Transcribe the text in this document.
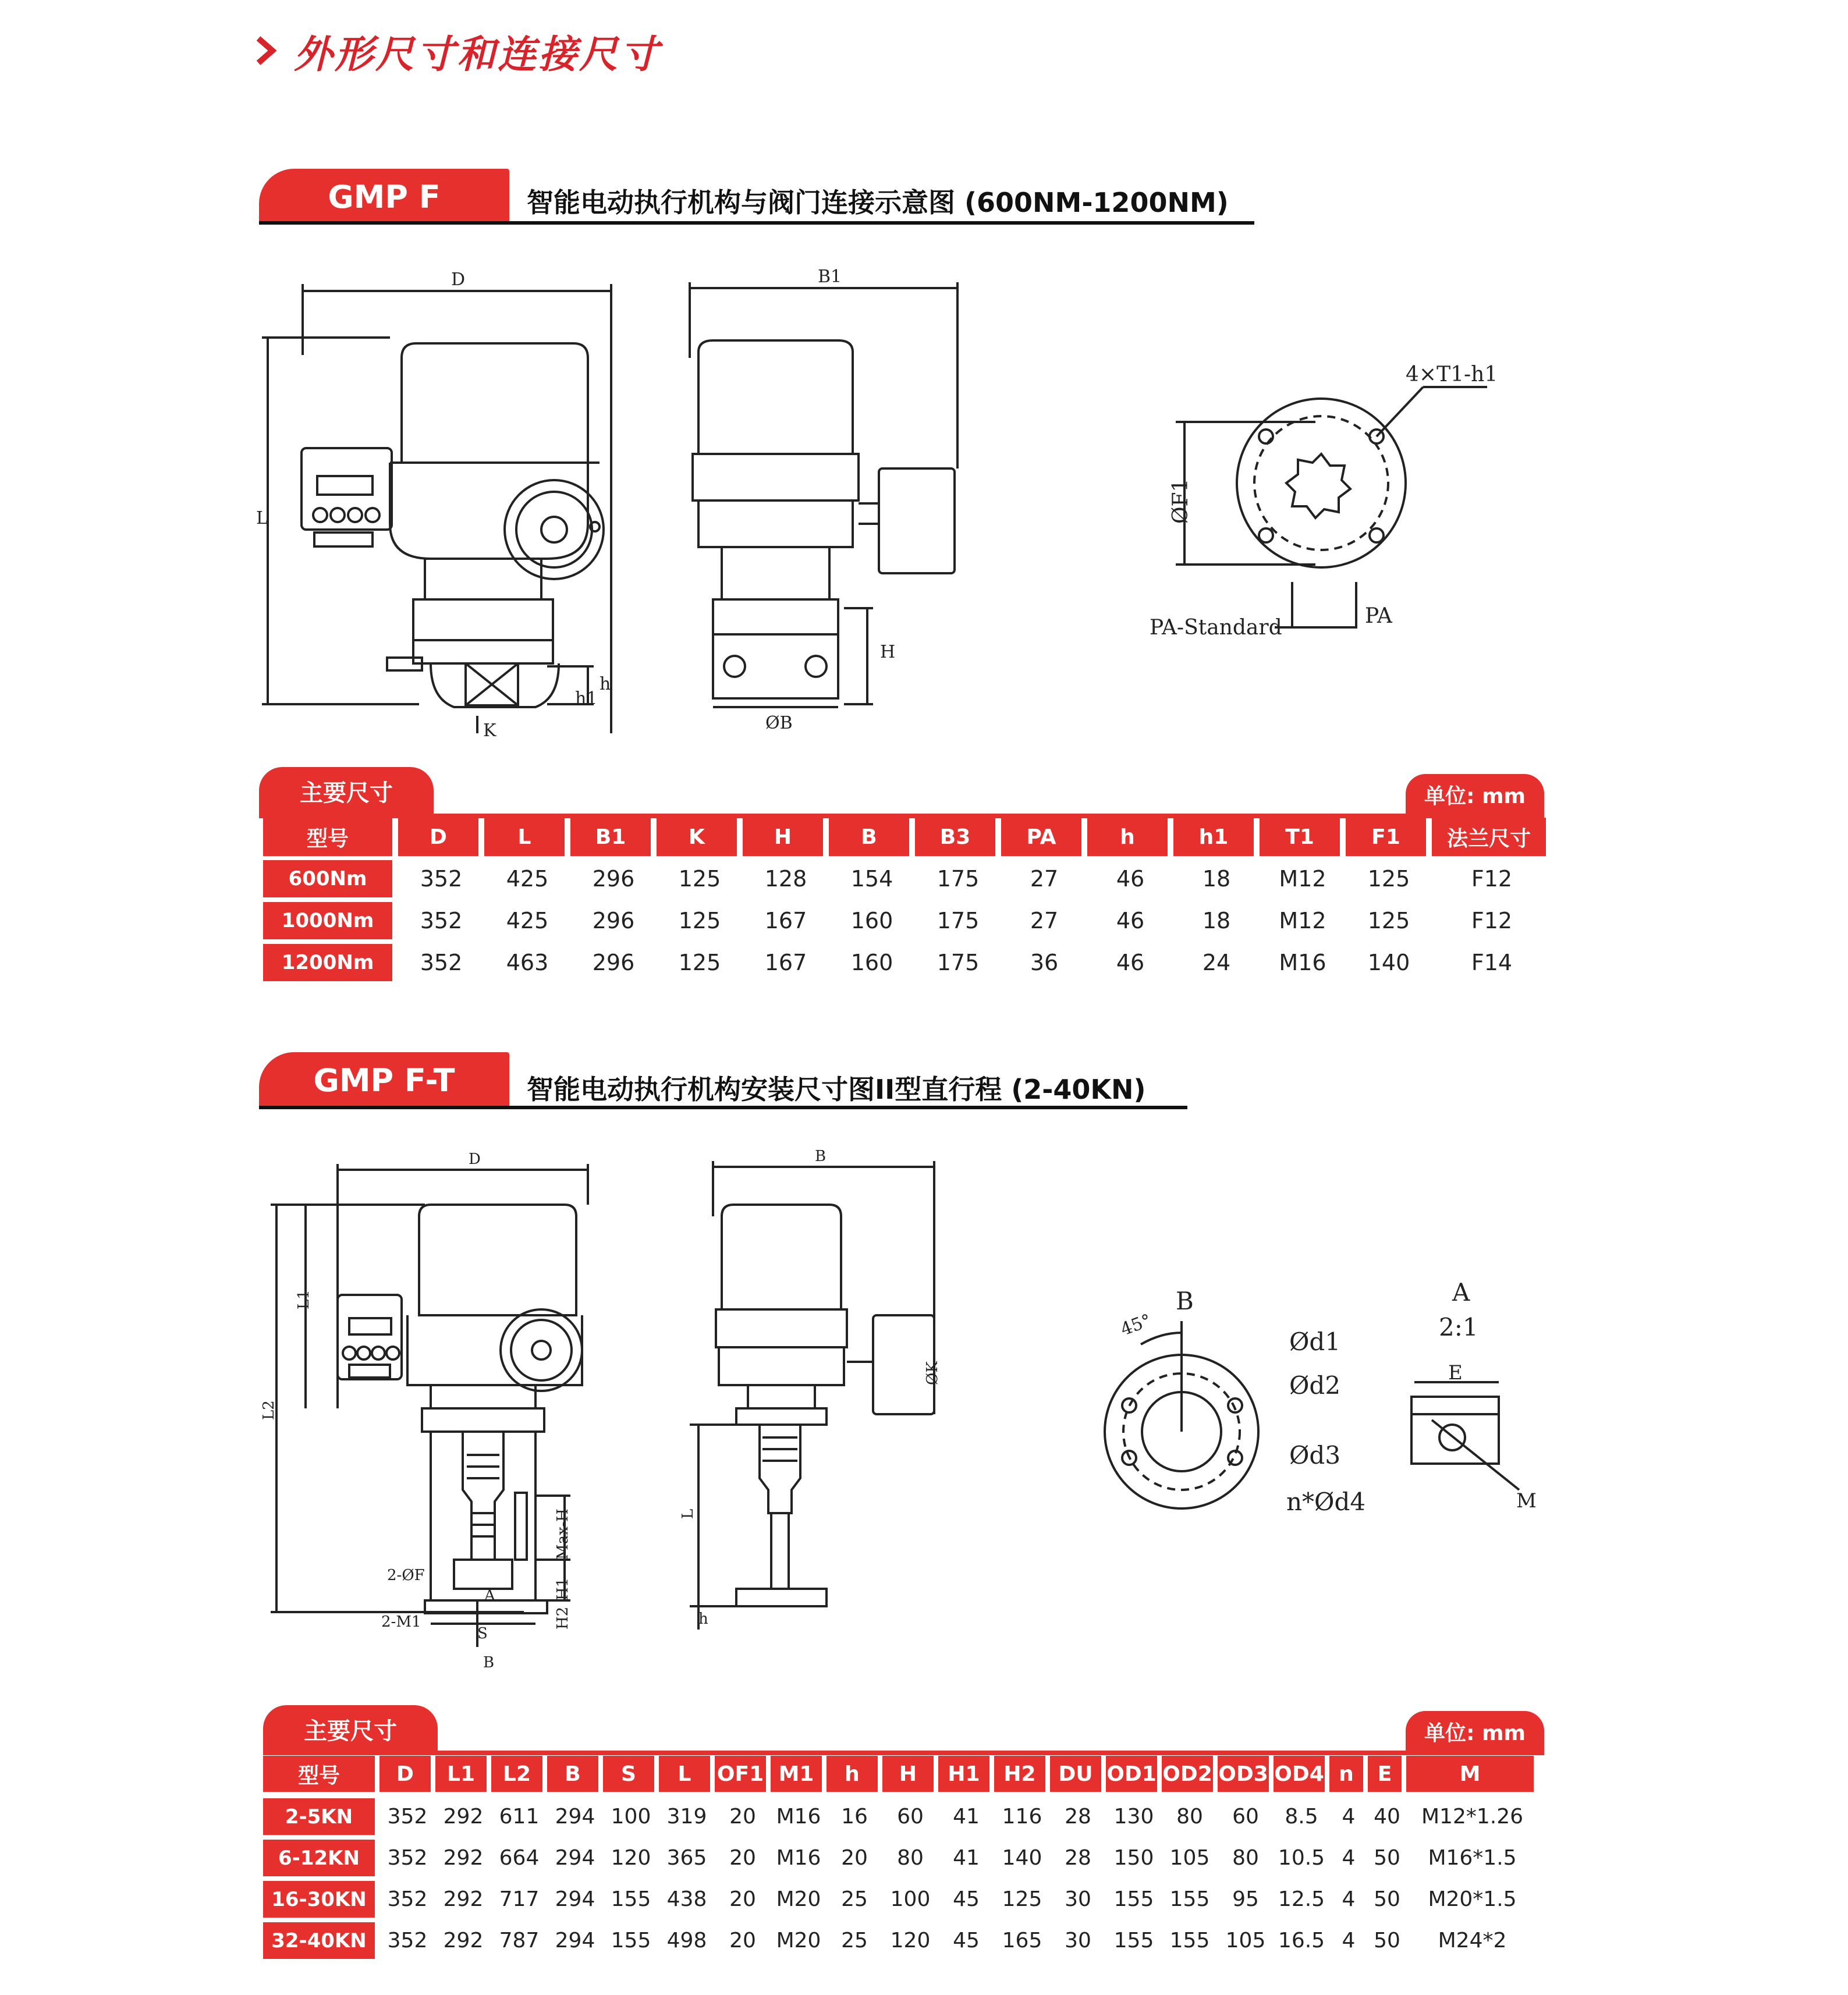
外形尺寸和连接尺寸
GMP F	智能电动执行机构与阀门连接示意图 (600NM-1200NM)
D
L
K
h
h1
B1
H
ØB
4×T1-h1
ØF1
PA-Standard	PA
主要尺寸	单位: mm
型号	D	L	B1	K	H	B	B3	PA	h	h1	T1	F1	法兰尺寸
600Nm	352	425	296	125	128	154	175	27	46	18	M12	125	F12
1000Nm	352	425	296	125	167	160	175	27	46	18	M12	125	F12
1200Nm	352	463	296	125	167	160	175	36	46	24	M16	140	F14
GMP F-T	智能电动执行机构安装尺寸图II型直行程 (2-40KN)
D
L1
L2
Max-H
H1
H2
2-ØF
2-M1
A
S
B
B
L
h
ØK
B
45°
Ød1
Ød2
Ød3
n*Ød4
A
2:1
E
M
主要尺寸	单位: mm
型号	D	L1	L2	B	S	L	OF1 M1	h	H	H1	H2	DU OD1 OD2 OD3 OD4 n	E	M
2-5KN	352 292 611 294 100 319	20 M16 16	60	41	116	28	130	80	60	8.5	4 40	M12*1.26
6-12KN	352 292 664 294 120 365	20 M16 20	80	41	140	28	150 105	80 10.5 4 50	M16*1.5
16-30KN 352 292 717 294 155 438	20 M20 25	100	45	125	30	155 155	95 12.5 4 50	M20*1.5
32-40KN 352 292 787 294 155 498	20 M20 25	120	45	165	30	155 155 105 16.5 4 50	M24*2
